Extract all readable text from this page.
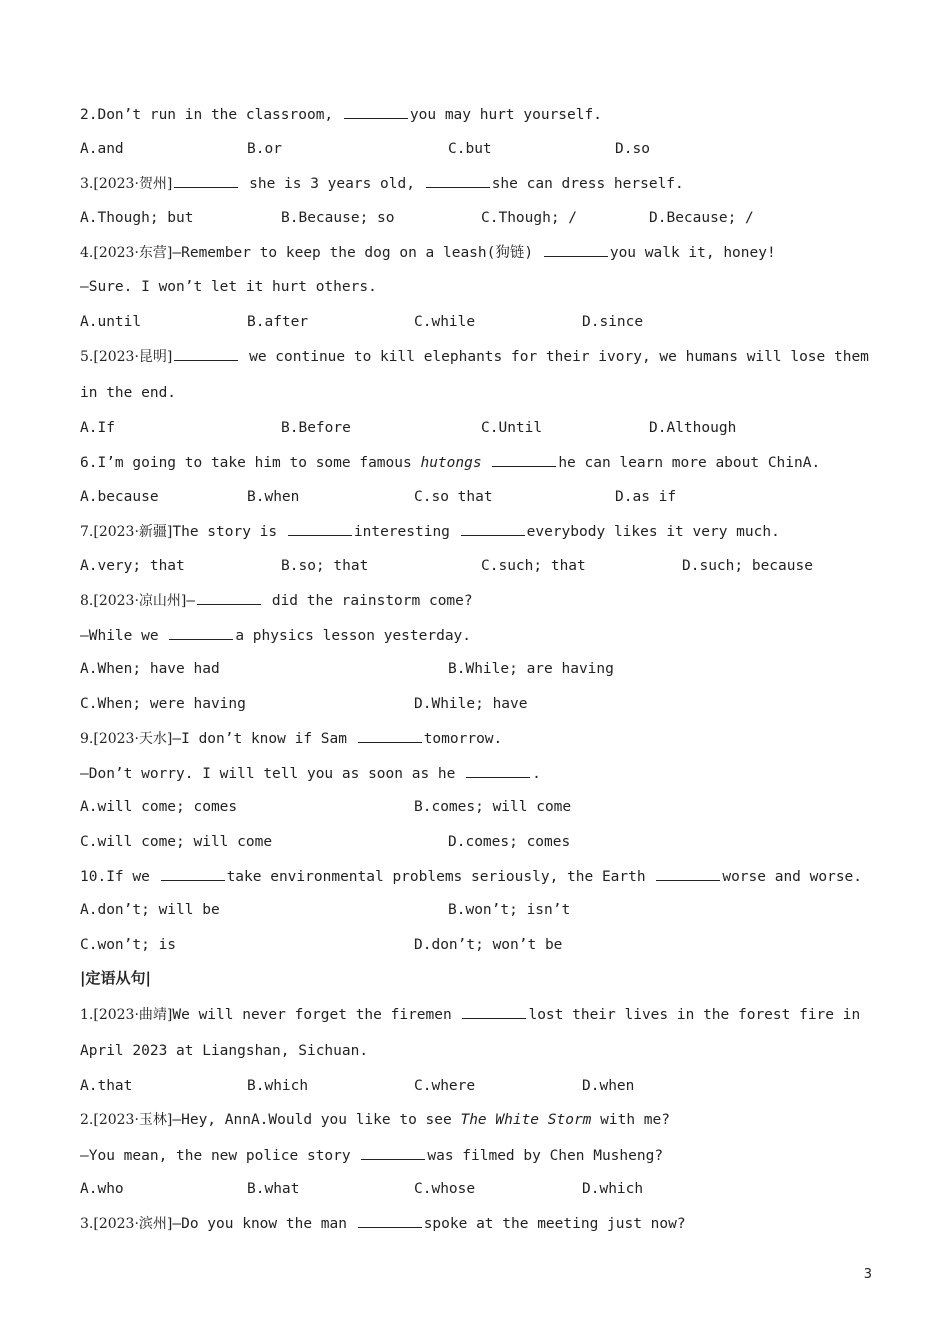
2.Don’t run in the classroom,	you may hurt yourself.
A.and	B.or	C.but	D.so
3.[2023·贺州]	she is 3 years old,	she can dress herself.
A.Though; but	B.Because; so	C.Though; /	D.Because; /
4.[2023·东营]—Remember to keep the dog on a leash(狗链)	you walk it, honey!
—Sure. I won’t let it hurt others.
A.until	B.after	C.while	D.since
5.[2023·昆明]	we continue to kill elephants for their ivory, we humans will lose them
in the end.
A.If	B.Before	C.Until	D.Although
6.I’m going to take him to some famous hutongs	he can learn more about ChinA.
A.because	B.when	C.so that	D.as if
7.[2023·新疆]The story is	interesting	everybody likes it very much.
A.very; that	B.so; that	C.such; that	D.such; because
8.[2023·凉山州]—	did the rainstorm come?
—While we	a physics lesson yesterday.
A.When; have had	B.While; are having
C.When; were having	D.While; have
9.[2023·天水]—I don’t know if Sam	tomorrow.
—Don’t worry. I will tell you as soon as he	.
A.will come; comes	B.comes; will come
C.will come; will come	D.comes; comes
10.If we	take environmental problems seriously, the Earth	worse and worse.
A.don’t; will be	B.won’t; isn’t
C.won’t; is	D.don’t; won’t be
|定语从句|
1.[2023·曲靖]We will never forget the firemen	lost their lives in the forest fire in
April 2023 at Liangshan, Sichuan.
A.that	B.which	C.where	D.when
2.[2023·玉林]—Hey, AnnA.Would you like to see The White Storm with me?
—You mean, the new police story	was filmed by Chen Musheng?
A.who	B.what	C.whose	D.which
3.[2023·滨州]—Do you know the man	spoke at the meeting just now?
3
